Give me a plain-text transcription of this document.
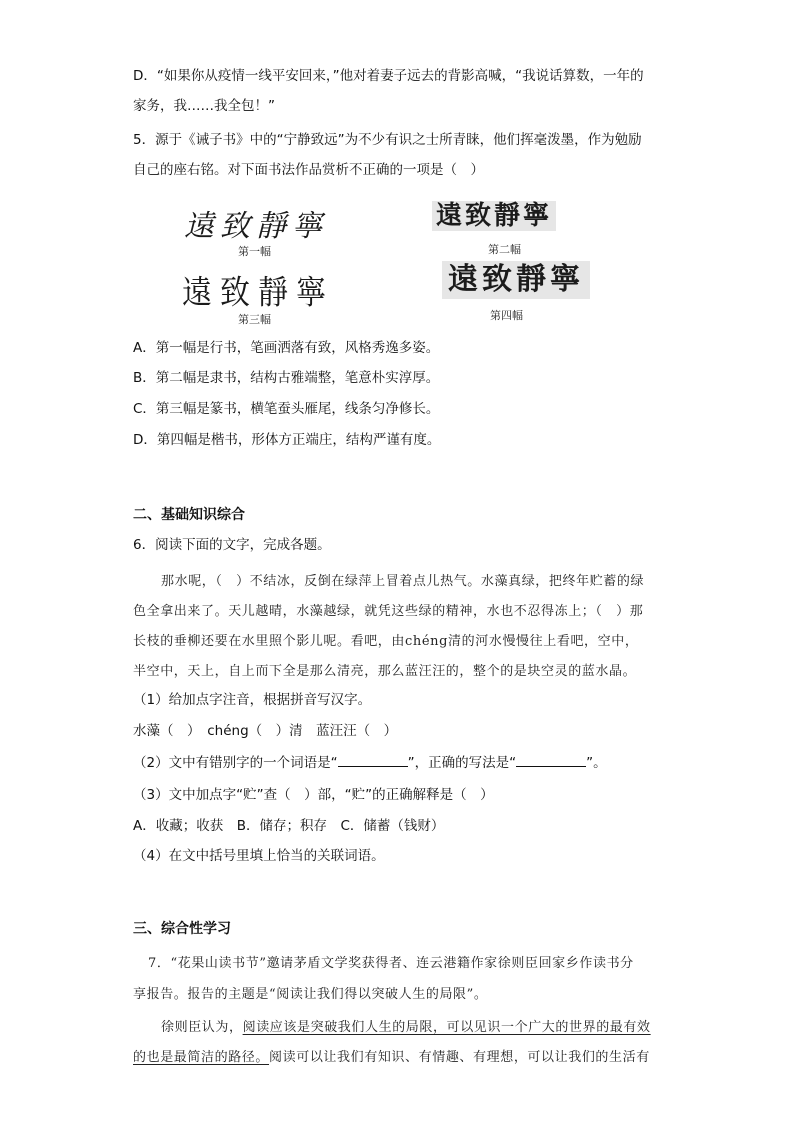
D．“如果你从疫情一线平安回来，”他对着妻子远去的背影高喊，“我说话算数，一年的
家务，我……我全包！”
5．源于《诫子书》中的“宁静致远”为不少有识之士所青睐，他们挥毫泼墨，作为勉励
自己的座右铭。对下面书法作品赏析不正确的一项是（　）
遠致靜寧
第一幅
遠致靜寧
第二幅
遠致靜寧
第三幅
遠致靜寧
第四幅
A．第一幅是行书，笔画洒落有致，风格秀逸多姿。
B．第二幅是隶书，结构古雅端整，笔意朴实淳厚。
C．第三幅是篆书，横笔蚕头雁尾，线条匀净修长。
D．第四幅是楷书，形体方正端庄，结构严谨有度。
二、基础知识综合
6．阅读下面的文字，完成各题。
那水呢，（　）不结冰，反倒在绿萍上冒着点儿热气。水藻真绿，把终年贮蓄的绿
色全拿出来了。天儿越晴，水藻越绿，就凭这些绿的精神，水也不忍得冻上；（　）那
长枝的垂柳还要在水里照个影儿呢。看吧，由chéng清的河水慢慢往上看吧，空中，
半空中，天上，自上而下全是那么清亮，那么蓝汪汪的，整个的是块空灵的蓝水晶。
（1）给加点字注音，根据拼音写汉字。
水藻（　）　chéng（　）清　蓝汪汪（　）
（2）文中有错别字的一个词语是“	”，正确的写法是“	”。
（3）文中加点字“贮”查（　）部，“贮”的正确解释是（　）
A．收藏；收获　B．储存；积存　C．储蓄（钱财）
（4）在文中括号里填上恰当的关联词语。
三、综合性学习
7．“花果山读书节”邀请茅盾文学奖获得者、连云港籍作家徐则臣回家乡作读书分
享报告。报告的主题是“阅读让我们得以突破人生的局限”。
徐则臣认为，阅读应该是突破我们人生的局限，可以见识一个广大的世界的最有效
的也是最简洁的路径。阅读可以让我们有知识、有情趣、有理想，可以让我们的生活有
